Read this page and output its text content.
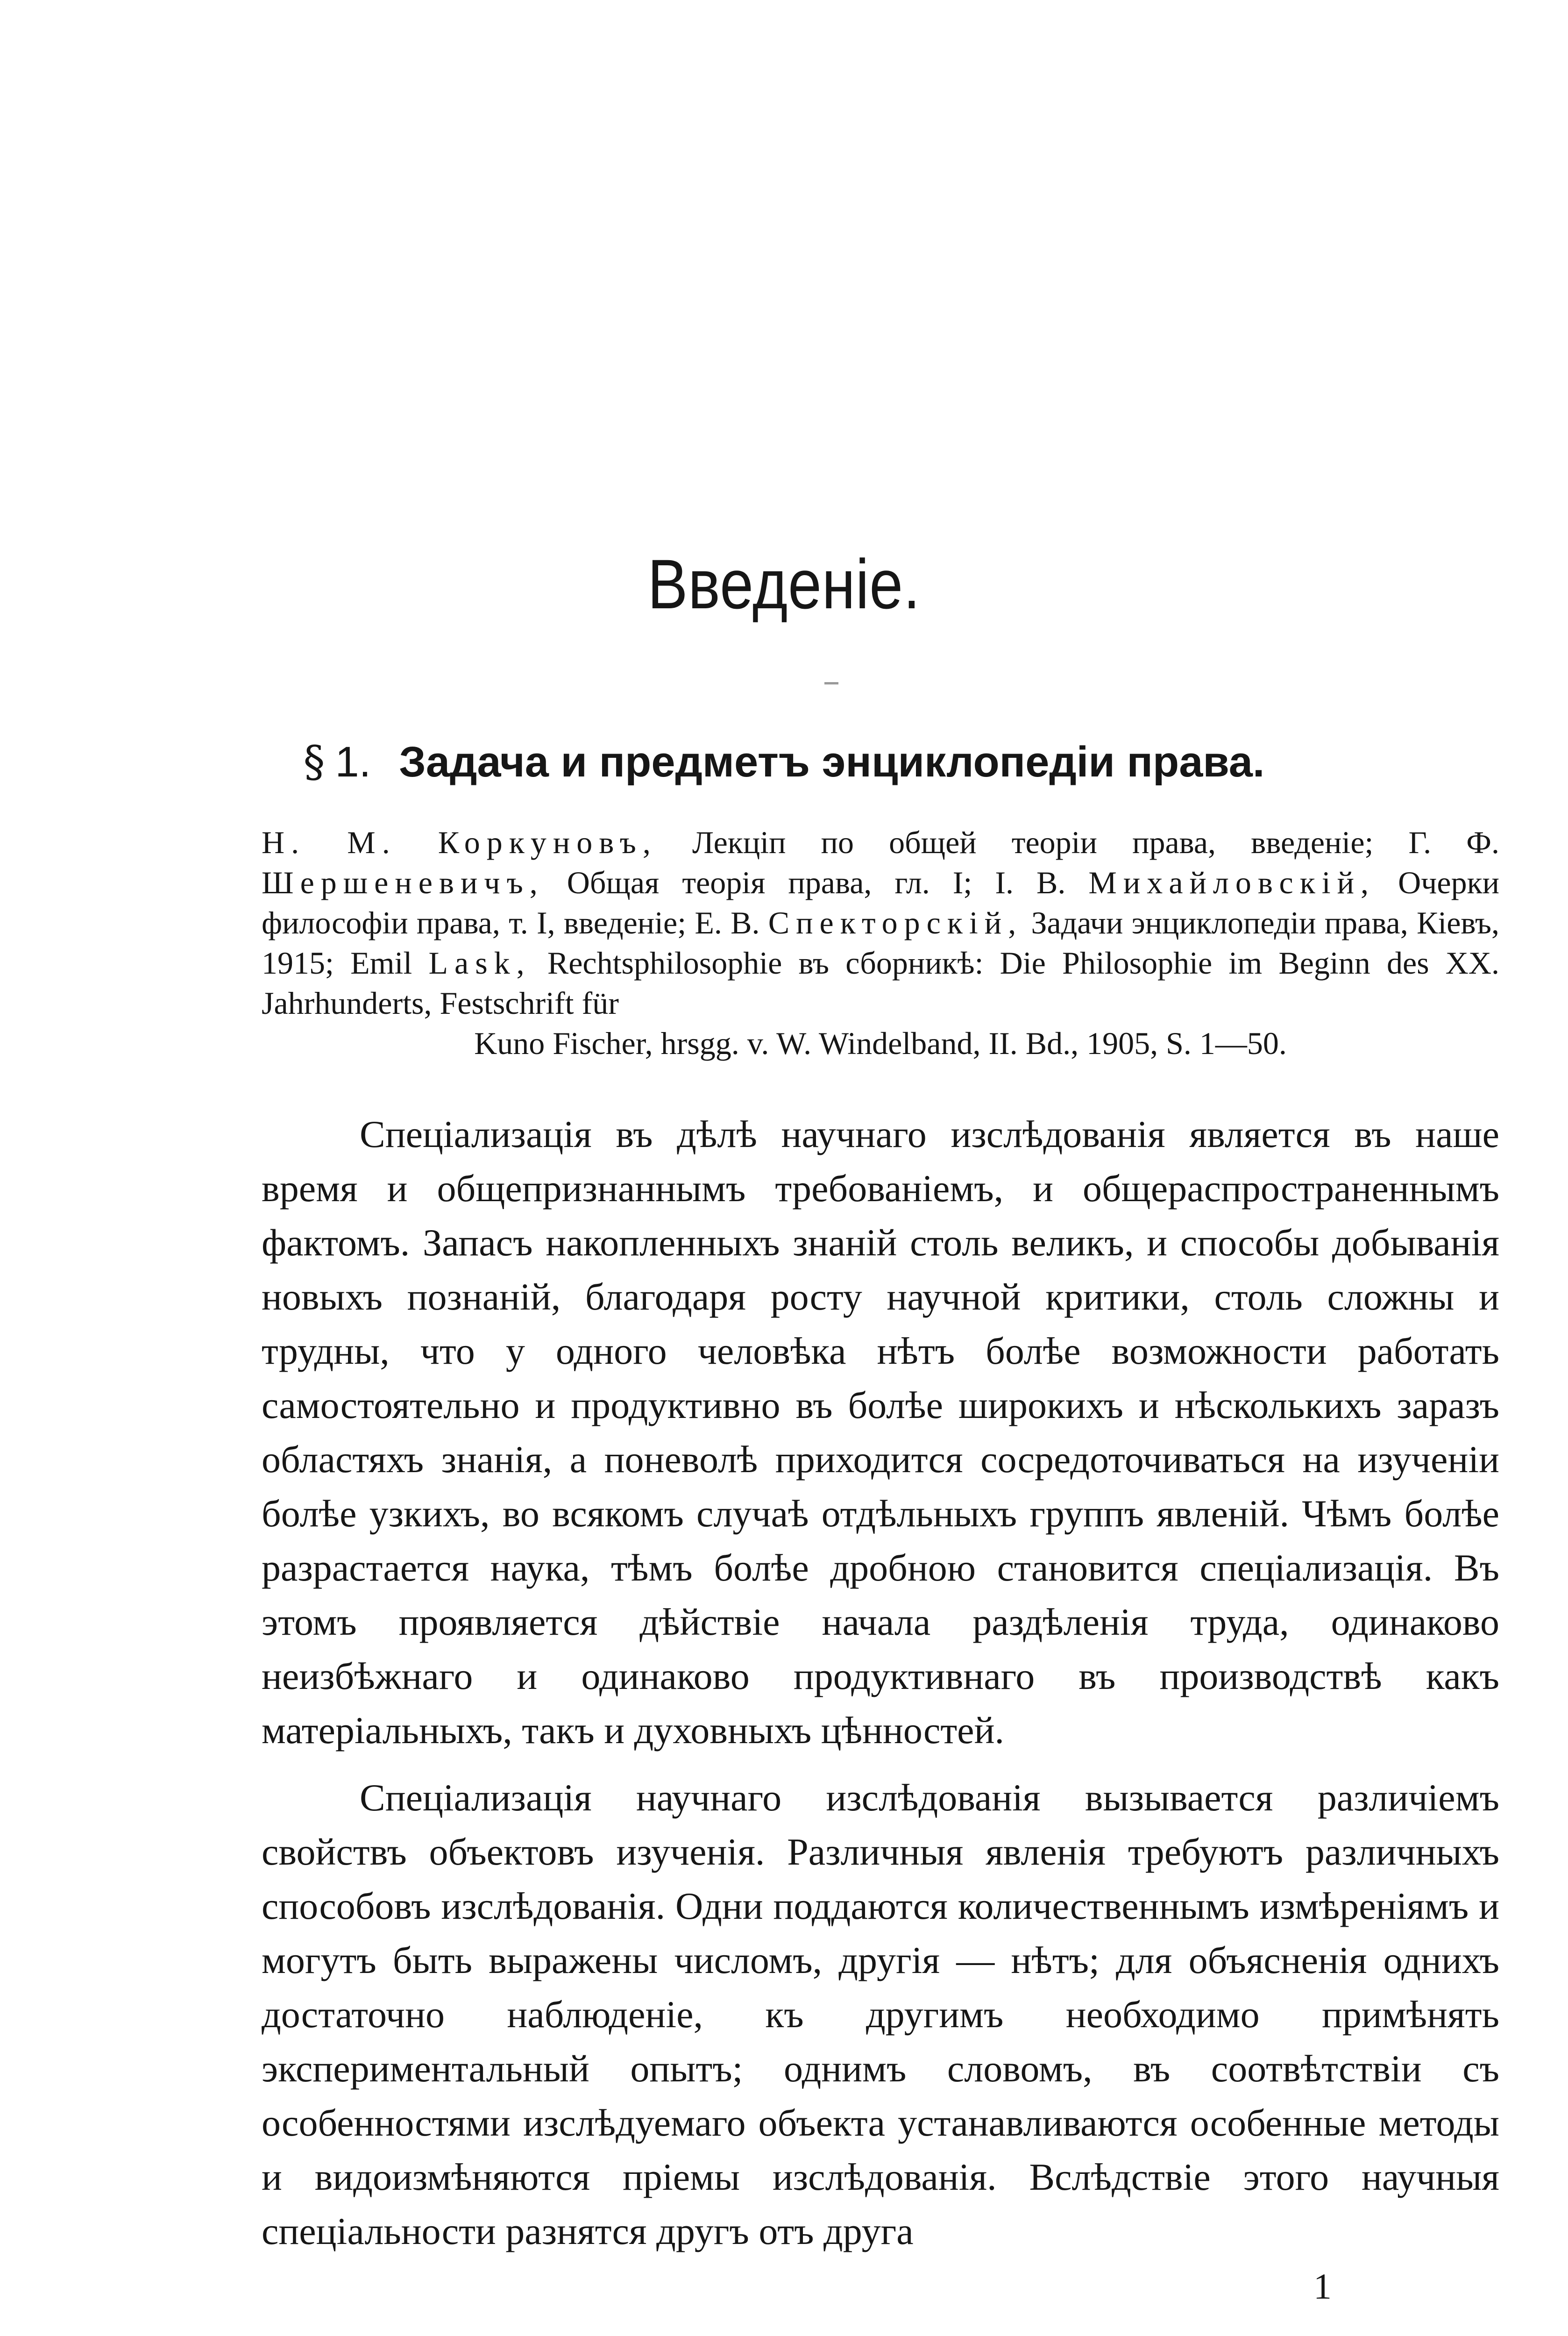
Введеніе.
§ 1. Задача и предметъ энциклопедіи права.

Н. М. Коркуновъ, Лекціп по общей теоріи права, введеніе; Г. Ф. Шершеневичъ, Общая теорія права, гл. I; І. В. Михайловскій, Очерки философіи права, т. I, введеніе; Е. В. Спекторскій, Задачи энциклопедіи права, Кіевъ, 1915; Emil Lask, Rechtsphilosophie въ сборникѣ: Die Philosophie im Beginn des XX. Jahrhunderts, Festschrift für
Kuno Fischer, hrsgg. v. W. Windelband, II. Bd., 1905, S. 1—50.

Спеціализація въ дѣлѣ научнаго изслѣдованія является въ наше время и общепризнаннымъ требованіемъ, и общераспространеннымъ фактомъ. Запасъ накопленныхъ знаній столь великъ, и способы добыванія новыхъ познаній, благодаря росту научной критики, столь сложны и трудны, что у одного человѣка нѣтъ болѣе возможности работать самостоятельно и продуктивно въ болѣе широкихъ и нѣсколькихъ заразъ областяхъ знанія, а поневолѣ приходится сосредоточиваться на изученіи болѣе узкихъ, во всякомъ случаѣ отдѣльныхъ группъ явленій. Чѣмъ болѣе разрастается наука, тѣмъ болѣе дробною становится спеціализація. Въ этомъ проявляется дѣйствіе начала раздѣленія труда, одинаково неизбѣжнаго и одинаково продуктивнаго въ производствѣ какъ матеріальныхъ, такъ и духовныхъ цѣнностей.

Спеціализація научнаго изслѣдованія вызывается различіемъ свойствъ объектовъ изученія. Различныя явленія требуютъ различныхъ способовъ изслѣдованія. Одни поддаются количественнымъ измѣреніямъ и могутъ быть выражены числомъ, другія — нѣтъ; для объясненія однихъ достаточно наблюденіе, къ другимъ необходимо примѣнять экспериментальный опытъ; однимъ словомъ, въ соотвѣтствіи съ особенностями изслѣдуемаго объекта устанавливаются особенные методы и видоизмѣняются пріемы изслѣдованія. Вслѣдствіе этого научныя спеціальности разнятся другъ отъ друга

1
